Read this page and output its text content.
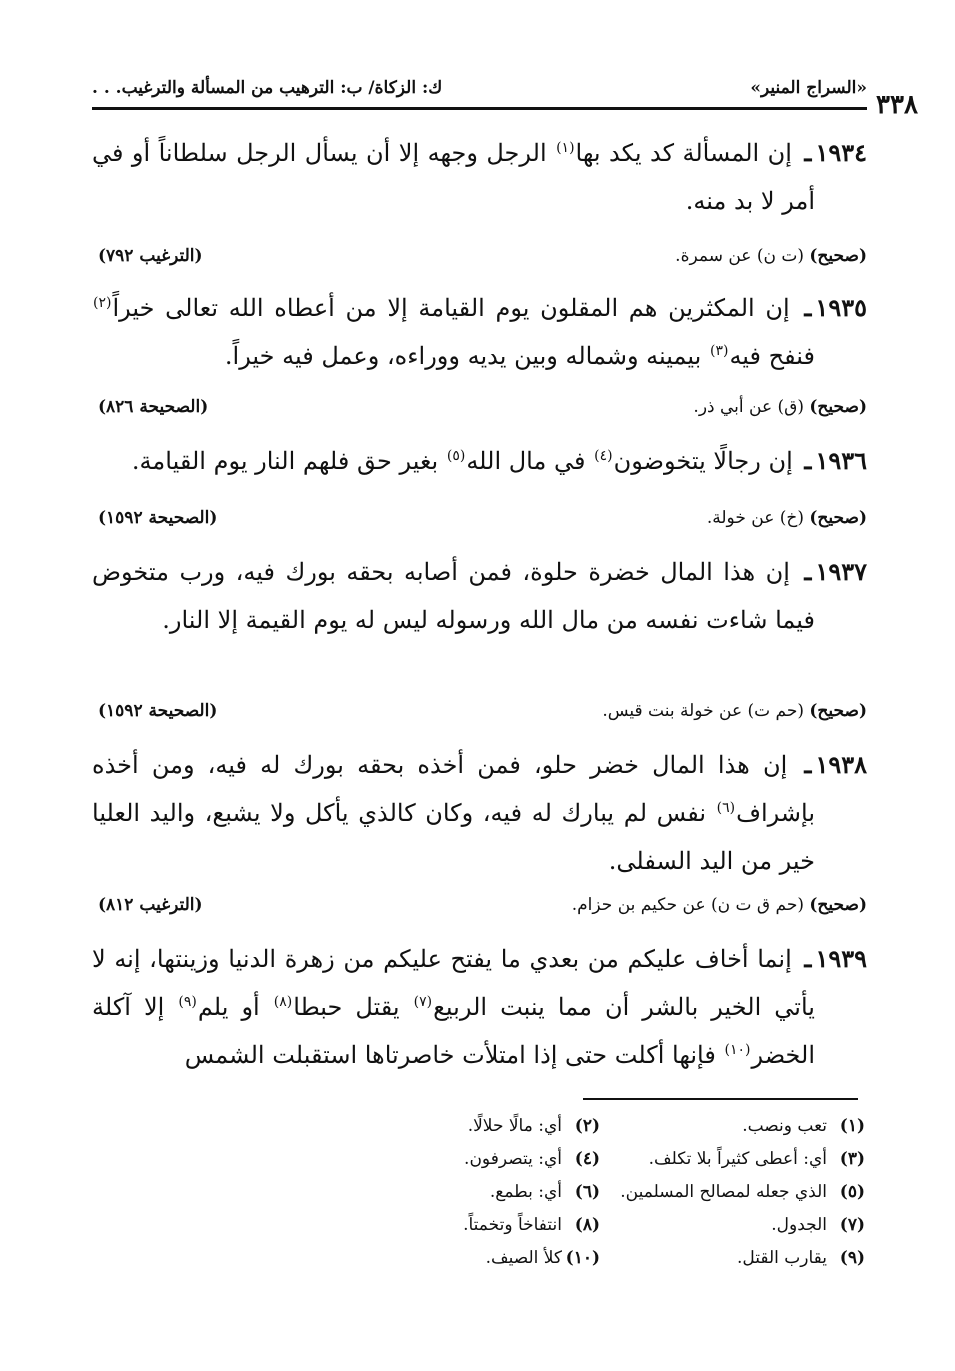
«السراج المنير»
ك: الزكاة/ ب: الترهيب من المسألة والترغيب. . .
٣٣٨

١٩٣٤ـ إن المسألة كد يكد بها$^{(١)}$ الرجل وجهه إلا أن يسأل الرجل سلطاناً أو في أمر لا بد منه.

(صحيح) (ت ن) عن سمرة.
(الترغيب ٧٩٢)

١٩٣٥ـ إن المكثرين هم المقلون يوم القيامة إلا من أعطاه الله تعالى خيراً$^{(٢)}$ فنفح فيه$^{(٣)}$ بيمينه وشماله وبين يديه ووراءه، وعمل فيه خيراً.

(صحيح) (ق) عن أبي ذر.
(الصحيحة ٨٢٦)

١٩٣٦ـ إن رجالًا يتخوضون$^{(٤)}$ في مال الله$^{(٥)}$ بغير حق فلهم النار يوم القيامة.

(صحيح) (خ) عن خولة.
(الصحيحة ١٥٩٢)

١٩٣٧ـ إن هذا المال خضرة حلوة، فمن أصابه بحقه بورك فيه، ورب متخوض فيما شاءت نفسه من مال الله ورسوله ليس له يوم القيمة إلا النار.

(صحيح) (حم ت) عن خولة بنت قيس.
(الصحيحة ١٥٩٢)

١٩٣٨ـ إن هذا المال خضر حلو، فمن أخذه بحقه بورك له فيه، ومن أخذه بإشراف$^{(٦)}$ نفس لم يبارك له فيه، وكان كالذي يأكل ولا يشبع، واليد العليا خير من اليد السفلى.

(صحيح) (حم ق ت ن) عن حكيم بن حزام.
(الترغيب ٨١٢)

١٩٣٩ـ إنما أخاف عليكم من بعدي ما يفتح عليكم من زهرة الدنيا وزينتها، إنه لا يأتي الخير بالشر أن مما ينبت الربيع$^{(٧)}$ يقتل حبطا$^{(٨)}$ أو يلم$^{(٩)}$ إلا آكلة الخضر$^{(١٠)}$ فإنها أكلت حتى إذا امتلأت خاصرتاها استقبلت الشمس

(١)تعب ونصب.
(٢)أي: مالًا حلالًا.
(٣)أي: أعطى كثيراً بلا تكلف.
(٤)أي: يتصرفون.
(٥)الذي جعله لمصالح المسلمين.
(٦)أي: بطمع.
(٧)الجدول.
(٨)انتفاخاً وتخمتاً.
(٩)يقارب القتل.
(١٠)كلأ الصيف.
